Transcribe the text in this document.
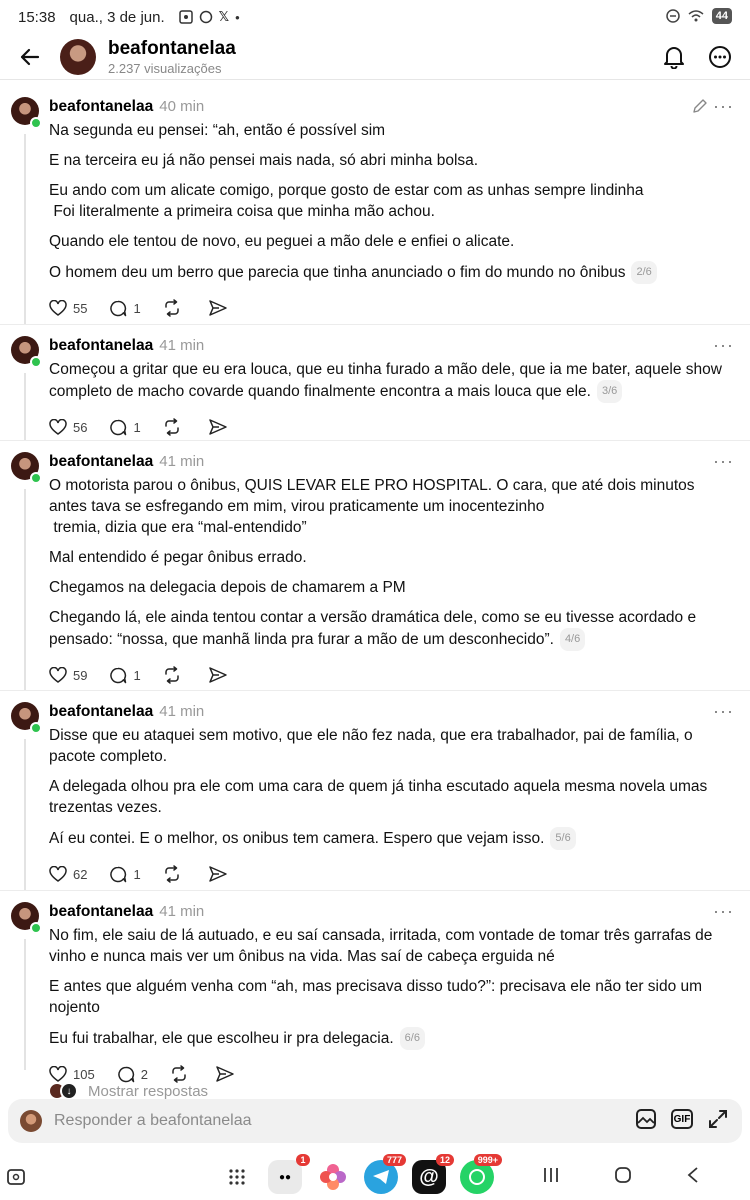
15:38 qua., 3 de jun.	𝕏 •	44
beafontanelaa
2.237 visualizações
···
beafontanelaa 40 min

Na segunda eu pensei: “ah, então é possível sim

E na terceira eu já não pensei mais nada, só abri minha bolsa.

Eu ando com um alicate comigo, porque gosto de estar com as unhas sempre lindinha
Foi literalmente a primeira coisa que minha mão achou.

Quando ele tentou de novo, eu peguei a mão dele e enfiei o alicate.

O homem deu um berro que parecia que tinha anunciado o fim do mundo no ônibus 2/6

55	1
···
beafontanelaa 41 min

Começou a gritar que eu era louca, que eu tinha furado a mão dele, que ia me bater, aquele show completo de macho covarde quando finalmente encontra a mais louca que ele. 3/6

56	1
···
beafontanelaa 41 min

O motorista parou o ônibus, QUIS LEVAR ELE PRO HOSPITAL. O cara, que até dois minutos antes tava se esfregando em mim, virou praticamente um inocentezinho
tremia, dizia que era “mal-entendido”

Mal entendido é pegar ônibus errado.

Chegamos na delegacia depois de chamarem a PM

Chegando lá, ele ainda tentou contar a versão dramática dele, como se eu tivesse acordado e pensado: “nossa, que manhã linda pra furar a mão de um desconhecido”. 4/6

59	1
···
beafontanelaa 41 min

Disse que eu ataquei sem motivo, que ele não fez nada, que era trabalhador, pai de família, o pacote completo.

A delegada olhou pra ele com uma cara de quem já tinha escutado aquela mesma novela umas trezentas vezes.

Aí eu contei. E o melhor, os onibus tem camera. Espero que vejam isso. 5/6

62	1
···
beafontanelaa 41 min

No fim, ele saiu de lá autuado, e eu saí cansada, irritada, com vontade de tomar três garrafas de vinho e nunca mais ver um ônibus na vida. Mas saí de cabeça erguida né

E antes que alguém venha com “ah, mas precisava disso tudo?”: precisava ele não ter sido um nojento

Eu fui trabalhar, ele que escolheu ir pra delegacia. 6/6

105	2
↓	Mostrar respostas
Responder a beafontanelaa	GIF
●●
1	777
@
12	999+
